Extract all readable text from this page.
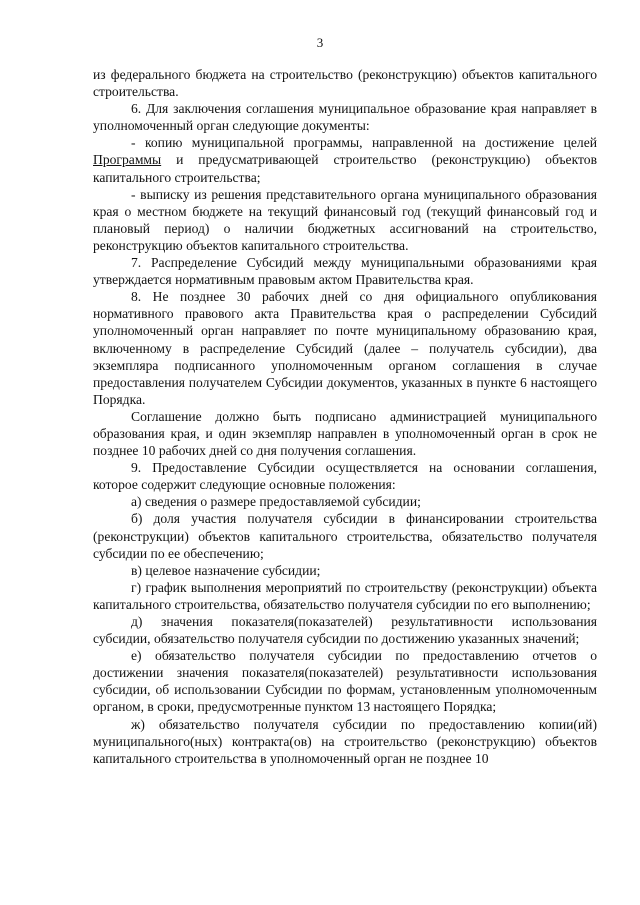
3

из федерального бюджета на строительство (реконструкцию) объектов капитального строительства.

6. Для заключения соглашения муниципальное образование края направляет в уполномоченный орган следующие документы:

- копию муниципальной программы, направленной на достижение целей Программы и предусматривающей строительство (реконструкцию) объектов капитального строительства;

- выписку из решения представительного органа муниципального образования края о местном бюджете на текущий финансовый год (текущий финансовый год и плановый период) о наличии бюджетных ассигнований на строительство, реконструкцию объектов капитального строительства.

7. Распределение Субсидий между муниципальными образованиями края утверждается нормативным правовым актом Правительства края.

8. Не позднее 30 рабочих дней со дня официального опубликования нормативного правового акта Правительства края о распределении Субсидий уполномоченный орган направляет по почте муниципальному образованию края, включенному в распределение Субсидий (далее – получатель субсидии), два экземпляра подписанного уполномоченным органом соглашения в случае предоставления получателем Субсидии документов, указанных в пункте 6 настоящего Порядка.

Соглашение должно быть подписано администрацией муниципального образования края, и один экземпляр направлен в уполномоченный орган в срок не позднее 10 рабочих дней со дня получения соглашения.

9. Предоставление Субсидии осуществляется на основании соглашения, которое содержит следующие основные положения:

а) сведения о размере предоставляемой субсидии;

б) доля участия получателя субсидии в финансировании строительства (реконструкции) объектов капитального строительства, обязательство получателя субсидии по ее обеспечению;

в) целевое назначение субсидии;

г) график выполнения мероприятий по строительству (реконструкции) объекта капитального строительства, обязательство получателя субсидии по его выполнению;

д) значения показателя(показателей) результативности использования субсидии, обязательство получателя субсидии по достижению указанных значений;

е) обязательство получателя субсидии по предоставлению отчетов о достижении значения показателя(показателей) результативности использования субсидии, об использовании Субсидии по формам, установленным уполномоченным органом, в сроки, предусмотренные пунктом 13 настоящего Порядка;

ж) обязательство получателя субсидии по предоставлению копии(ий) муниципального(ных) контракта(ов) на строительство (реконструкцию) объектов капитального строительства в уполномоченный орган не позднее 10
